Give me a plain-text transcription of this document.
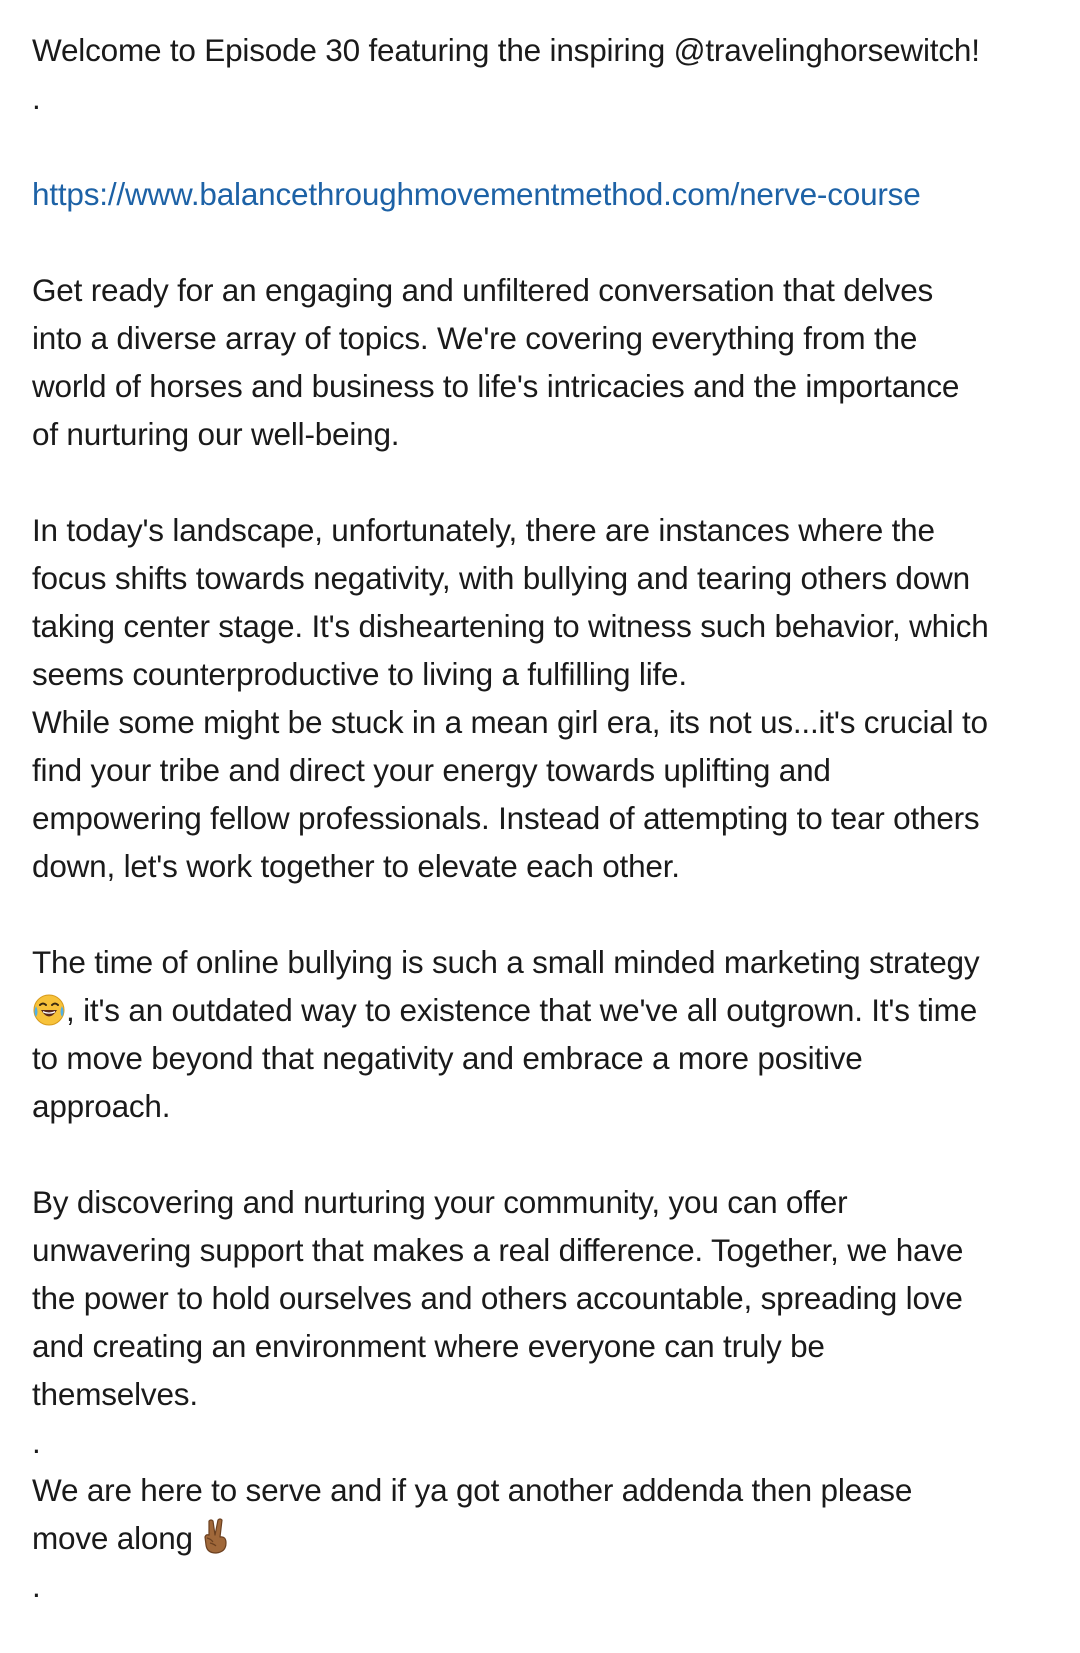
Welcome to Episode 30 featuring the inspiring @travelinghorsewitch!
.
https://www.balancethroughmovementmethod.com/nerve-course
Get ready for an engaging and unfiltered conversation that delves
into a diverse array of topics. We're covering everything from the
world of horses and business to life's intricacies and the importance
of nurturing our well-being.
In today's landscape, unfortunately, there are instances where the
focus shifts towards negativity, with bullying and tearing others down
taking center stage. It's disheartening to witness such behavior, which
seems counterproductive to living a fulfilling life.
While some might be stuck in a mean girl era, its not us...it's crucial to
find your tribe and direct your energy towards uplifting and
empowering fellow professionals. Instead of attempting to tear others
down, let's work together to elevate each other.
The time of online bullying is such a small minded marketing strategy
, it's an outdated way to existence that we've all outgrown. It's time
to move beyond that negativity and embrace a more positive
approach.
By discovering and nurturing your community, you can offer
unwavering support that makes a real difference. Together, we have
the power to hold ourselves and others accountable, spreading love
and creating an environment where everyone can truly be
themselves.
.
We are here to serve and if ya got another addenda then please
move along
.
